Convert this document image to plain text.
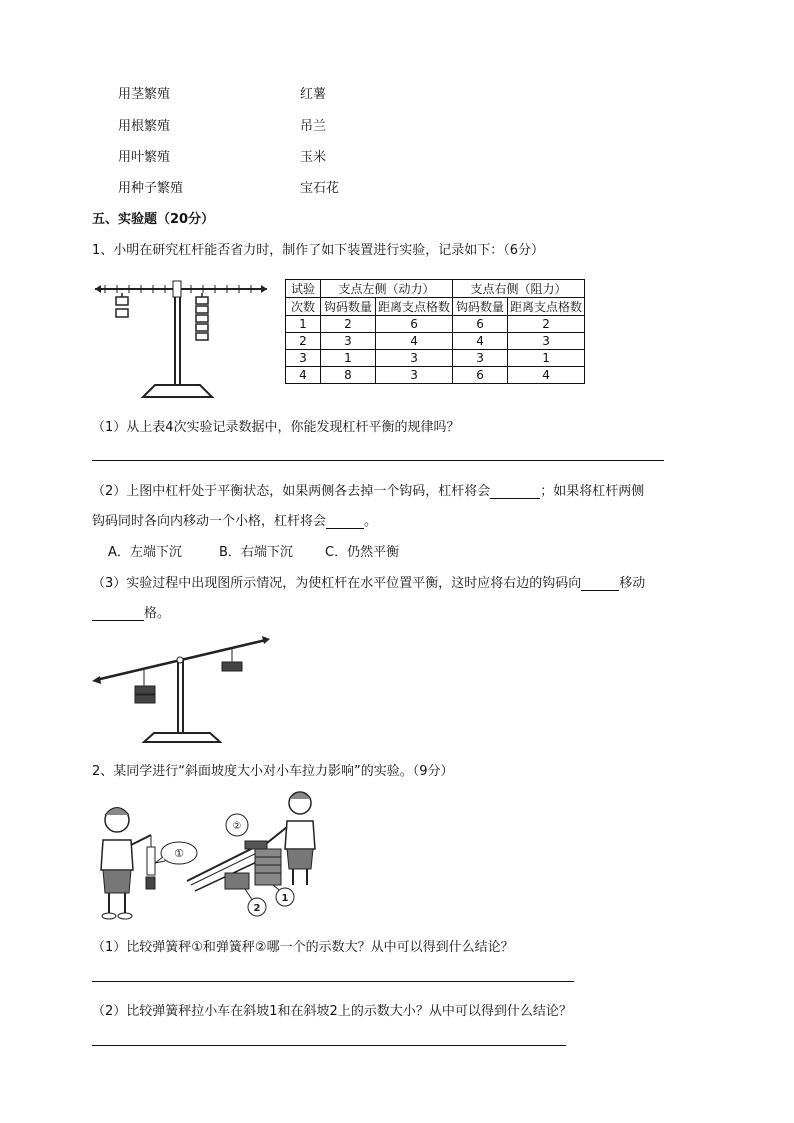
用茎繁殖	红薯
用根繁殖	吊兰
用叶繁殖	玉米
用种子繁殖	宝石花
五、实验题（20分）
1、小明在研究杠杆能否省力时，制作了如下装置进行实验，记录如下：（6分）
试验	支点左侧（动力）		支点右侧（阻力）	
次数	钩码数量	距离支点格数	钩码数量	距离支点格数
1	2	6	6	2
2	3	4	4	3
3	1	3	3	1
4	8	3	6	4
（1）从上表4次实验记录数据中，你能发现杠杆平衡的规律吗？
（2）上图中杠杆处于平衡状态，如果两侧各去掉一个钩码，杠杆将会	；如果将杠杆两侧
钩码同时各向内移动一个小格，杠杆将会	。
A．左端下沉	B．右端下沉 C．仍然平衡
（3）实验过程中出现图所示情况，为使杠杆在水平位置平衡，这时应将右边的钩码向	移动
格。
2、某同学进行“斜面坡度大小对小车拉力影响”的实验。（9分）
①
②
1
2
（1）比较弹簧秤①和弹簧秤②哪一个的示数大？从中可以得到什么结论？
（2）比较弹簧秤拉小车在斜坡1和在斜坡2上的示数大小？从中可以得到什么结论？
